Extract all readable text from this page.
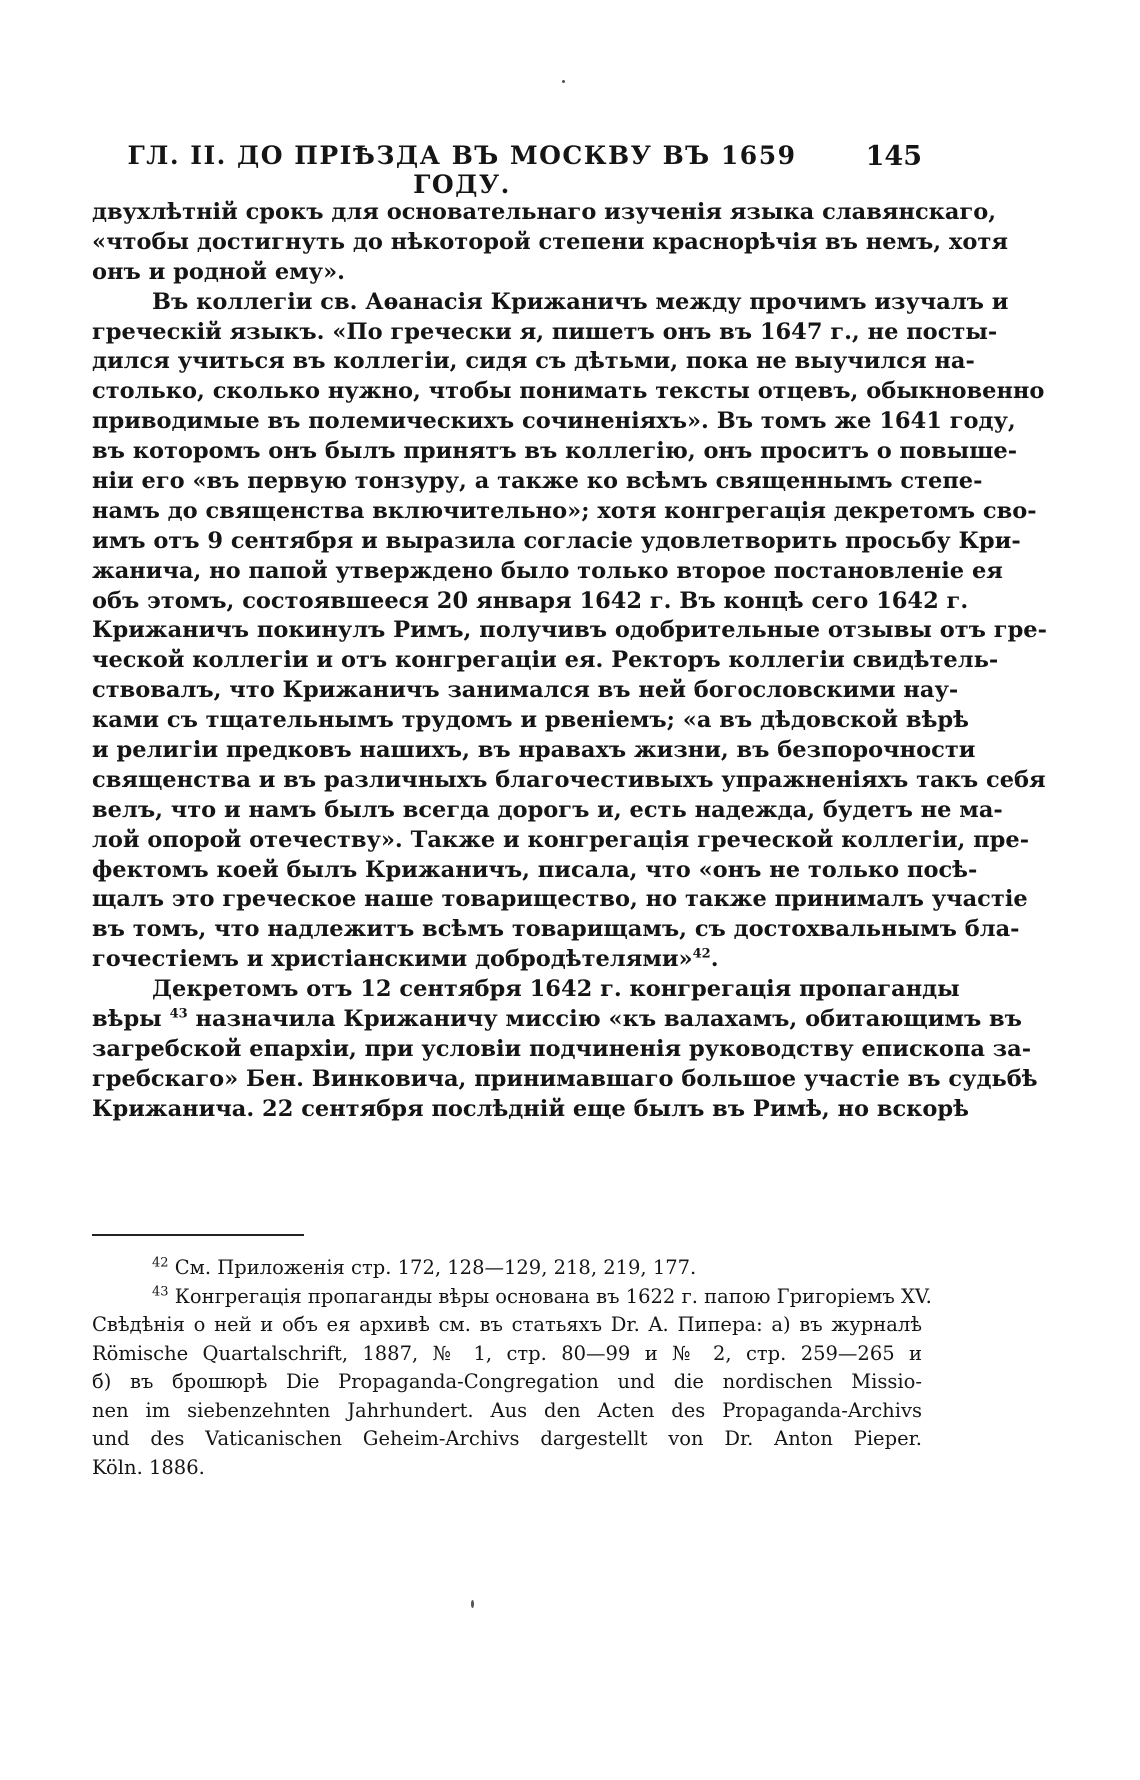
ГЛ. II. ДО ПРІѢЗДА ВЪ МОСКВУ ВЪ 1659 ГОДУ.
145
двухлѣтній срокъ для основательнаго изученія языка славянскаго,
«чтобы достигнуть до нѣкоторой степени краснорѣчія въ немъ, хотя
онъ и родной ему».
Въ коллегіи св. Аѳанасія Крижаничъ между прочимъ изучалъ и
греческій языкъ. «По гречески я, пишетъ онъ въ 1647 г., не посты-
дился учиться въ коллегіи, сидя съ дѣтьми, пока не выучился на-
столько, сколько нужно, чтобы понимать тексты отцевъ, обыкновенно
приводимые въ полемическихъ сочиненіяхъ». Въ томъ же 1641 году,
въ которомъ онъ былъ принятъ въ коллегію, онъ проситъ о повыше-
ніи его «въ первую тонзуру, а также ко всѣмъ священнымъ степе-
намъ до священства включительно»; хотя конгрегація декретомъ сво-
имъ отъ 9 сентября и выразила согласіе удовлетворить просьбу Кри-
жанича, но папой утверждено было только второе постановленіе ея
объ этомъ, состоявшееся 20 января 1642 г. Въ концѣ сего 1642 г.
Крижаничъ покинулъ Римъ, получивъ одобрительные отзывы отъ гре-
ческой коллегіи и отъ конгрегаціи ея. Ректоръ коллегіи свидѣтель-
ствовалъ, что Крижаничъ занимался въ ней богословскими нау-
ками съ тщательнымъ трудомъ и рвеніемъ; «а въ дѣдовской вѣрѣ
и религіи предковъ нашихъ, въ нравахъ жизни, въ безпорочности
священства и въ различныхъ благочестивыхъ упражненіяхъ такъ себя
велъ, что и намъ былъ всегда дорогъ и, есть надежда, будетъ не ма-
лой опорой отечеству». Также и конгрегація греческой коллегіи, пре-
фектомъ коей былъ Крижаничъ, писала, что «онъ не только посѣ-
щалъ это греческое наше товарищество, но также принималъ участіе
въ томъ, что надлежитъ всѣмъ товарищамъ, съ достохвальнымъ бла-
гочестіемъ и христіанскими добродѣтелями»$^{42}$.
Декретомъ отъ 12 сентября 1642 г. конгрегація пропаганды
вѣры $^{43}$ назначила Крижаничу миссію «къ валахамъ, обитающимъ въ
загребской епархіи, при условіи подчиненія руководству епископа за-
гребскаго» Бен. Винковича, принимавшаго большое участіе въ судьбѣ
Крижанича. 22 сентября послѣдній еще былъ въ Римѣ, но вскорѣ
$^{42}$ См. Приложенія стр. 172, 128—129, 218, 219, 177.
$^{43}$ Конгрегація пропаганды вѣры основана въ 1622 г. папою Григоріемъ XV.
Свѣдѣнія о ней и объ ея архивѣ см. въ статьяхъ Dr. A. Пипера: а) въ журналѣ
Römische Quartalschrift, 1887, № 1, стр. 80—99 и № 2, стр. 259—265 и
б) въ брошюрѣ Die Propaganda-Congregation und die nordischen Missio-
nen im siebenzehnten Jahrhundert. Aus den Acten des Propaganda-Archivs
und des Vaticanischen Geheim-Archivs dargestellt von Dr. Anton Pieper.
Köln. 1886.
